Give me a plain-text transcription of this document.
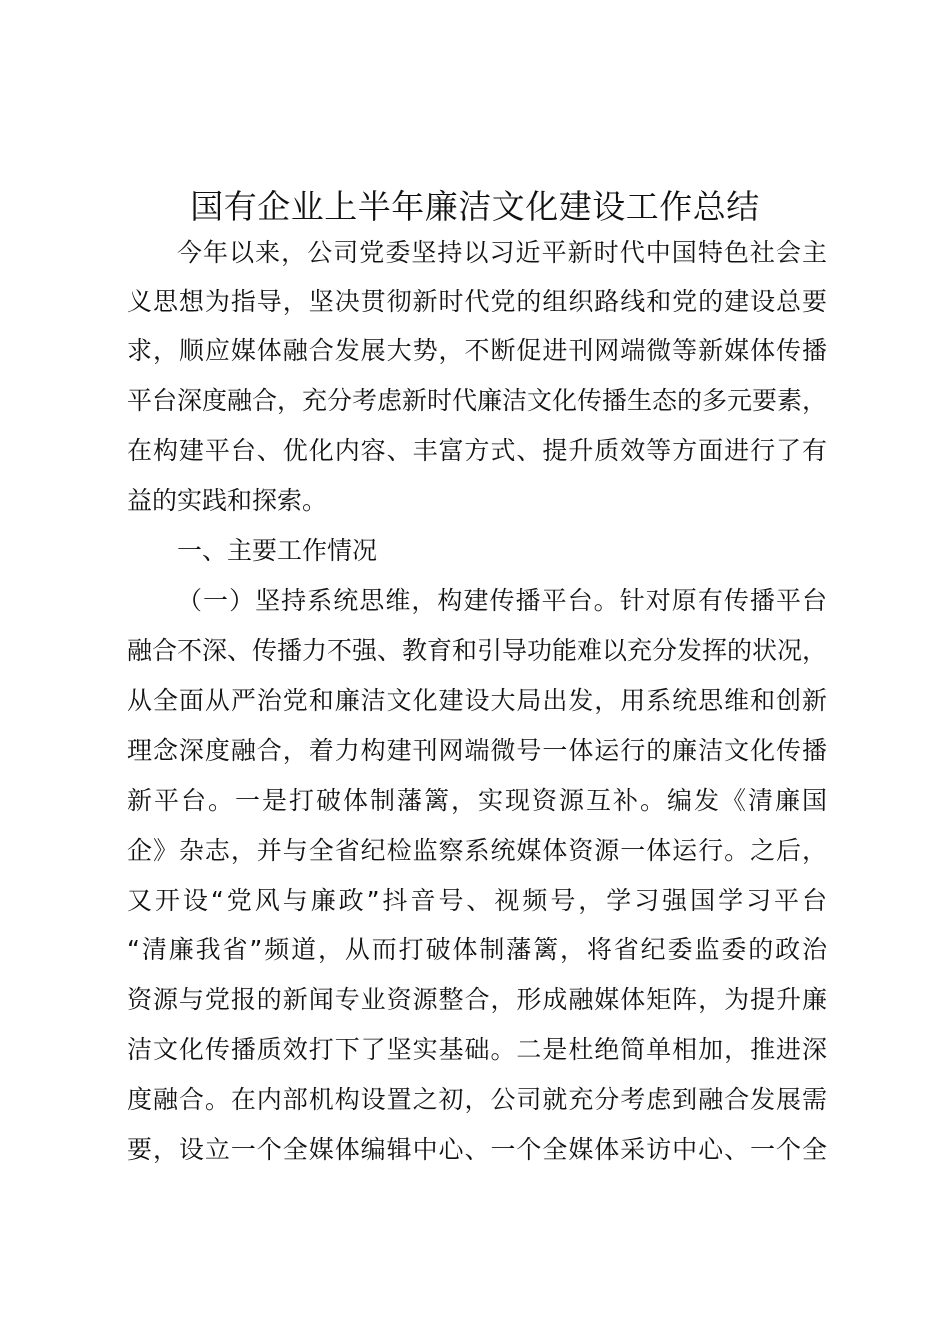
国有企业上半年廉洁文化建设工作总结
今年以来，公司党委坚持以习近平新时代中国特色社会主
义思想为指导，坚决贯彻新时代党的组织路线和党的建设总要
求，顺应媒体融合发展大势，不断促进刊网端微等新媒体传播
平台深度融合，充分考虑新时代廉洁文化传播生态的多元要素，
在构建平台、优化内容、丰富方式、提升质效等方面进行了有
益的实践和探索。
一、主要工作情况
（一）坚持系统思维，构建传播平台。针对原有传播平台
融合不深、传播力不强、教育和引导功能难以充分发挥的状况，
从全面从严治党和廉洁文化建设大局出发，用系统思维和创新
理念深度融合，着力构建刊网端微号一体运行的廉洁文化传播
新平台。一是打破体制藩篱，实现资源互补。编发《清廉国
企》杂志，并与全省纪检监察系统媒体资源一体运行。之后，
又开设“党风与廉政”抖音号、视频号，学习强国学习平台
“清廉我省”频道，从而打破体制藩篱，将省纪委监委的政治
资源与党报的新闻专业资源整合，形成融媒体矩阵，为提升廉
洁文化传播质效打下了坚实基础。二是杜绝简单相加，推进深
度融合。在内部机构设置之初，公司就充分考虑到融合发展需
要，设立一个全媒体编辑中心、一个全媒体采访中心、一个全
